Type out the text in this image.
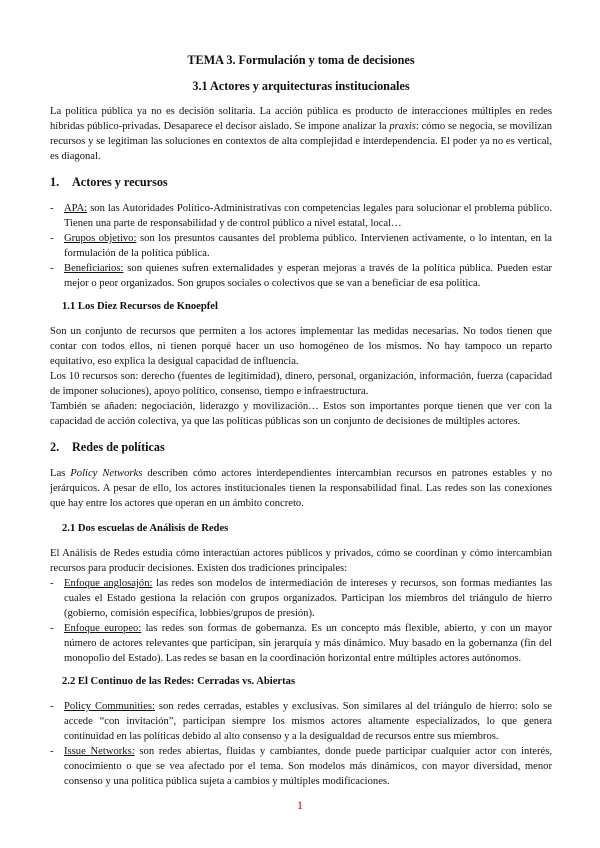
TEMA 3. Formulación y toma de decisiones
3.1 Actores y arquitecturas institucionales

La política pública ya no es decisión solitaria. La acción pública es producto de interacciones múltiples en redes híbridas público-privadas. Desaparece el decisor aislado. Se impone analizar la praxis: cómo se negocia, se movilizan recursos y se legitiman las soluciones en contextos de alta complejidad e interdependencia. El poder ya no es vertical, es diagonal.

1.	Actores y recursos
- APA: son las Autoridades Político-Administrativas con competencias legales para solucionar el problema público. Tienen una parte de responsabilidad y de control público a nivel estatal, local…
- Grupos objetivo: son los presuntos causantes del problema público. Intervienen activamente, o lo intentan, en la formulación de la política pública.
- Beneficiarios: son quienes sufren externalidades y esperan mejoras a través de la política pública. Pueden estar mejor o peor organizados. Son grupos sociales o colectivos que se van a beneficiar de esa política.
1.1 Los Diez Recursos de Knoepfel

Son un conjunto de recursos que permiten a los actores implementar las medidas necesarias. No todos tienen que contar con todos ellos, ni tienen porqué hacer un uso homogéneo de los mismos. No hay tampoco un reparto equitativo, eso explica la desigual capacidad de influencia.

Los 10 recursos son: derecho (fuentes de legitimidad), dinero, personal, organización, información, fuerza (capacidad de imponer soluciones), apoyo político, consenso, tiempo e infraestructura.

También se añaden: negociación, liderazgo y movilización… Estos son importantes porque tienen que ver con la capacidad de acción colectiva, ya que las políticas públicas son un conjunto de decisiones de múltiples actores.

2.	Redes de políticas

Las Policy Networks describen cómo actores interdependientes intercambian recursos en patrones estables y no jerárquicos. A pesar de ello, los actores institucionales tienen la responsabilidad final. Las redes son las conexiones que hay entre los actores que operan en un ámbito concreto.

2.1 Dos escuelas de Análisis de Redes

El Análisis de Redes estudia cómo interactúan actores públicos y privados, cómo se coordinan y cómo intercambian recursos para producir decisiones. Existen dos tradiciones principales:

- Enfoque anglosajón: las redes son modelos de intermediación de intereses y recursos, son formas mediantes las cuales el Estado gestiona la relación con grupos organizados. Participan los miembros del triángulo de hierro (gobierno, comisión específica, lobbies/grupos de presión).
- Enfoque europeo: las redes son formas de gobernanza. Es un concepto más flexible, abierto, y con un mayor número de actores relevantes que participan, sin jerarquía y más dinámico. Muy basado en la gobernanza (fin del monopolio del Estado). Las redes se basan en la coordinación horizontal entre múltiples actores autónomos.
2.2 El Continuo de las Redes: Cerradas vs. Abiertas
- Policy Communities: son redes cerradas, estables y exclusivas. Son similares al del triángulo de hierro: solo se accede “con invitación”, participan siempre los mismos actores altamente especializados, lo que genera continuidad en las políticas debido al alto consenso y a la desigualdad de recursos entre sus miembros.
- Issue Networks: son redes abiertas, fluidas y cambiantes, donde puede participar cualquier actor con interés, conocimiento o que se vea afectado por el tema. Son modelos más dinámicos, con mayor diversidad, menor consenso y una política pública sujeta a cambios y múltiples modificaciones.
1
